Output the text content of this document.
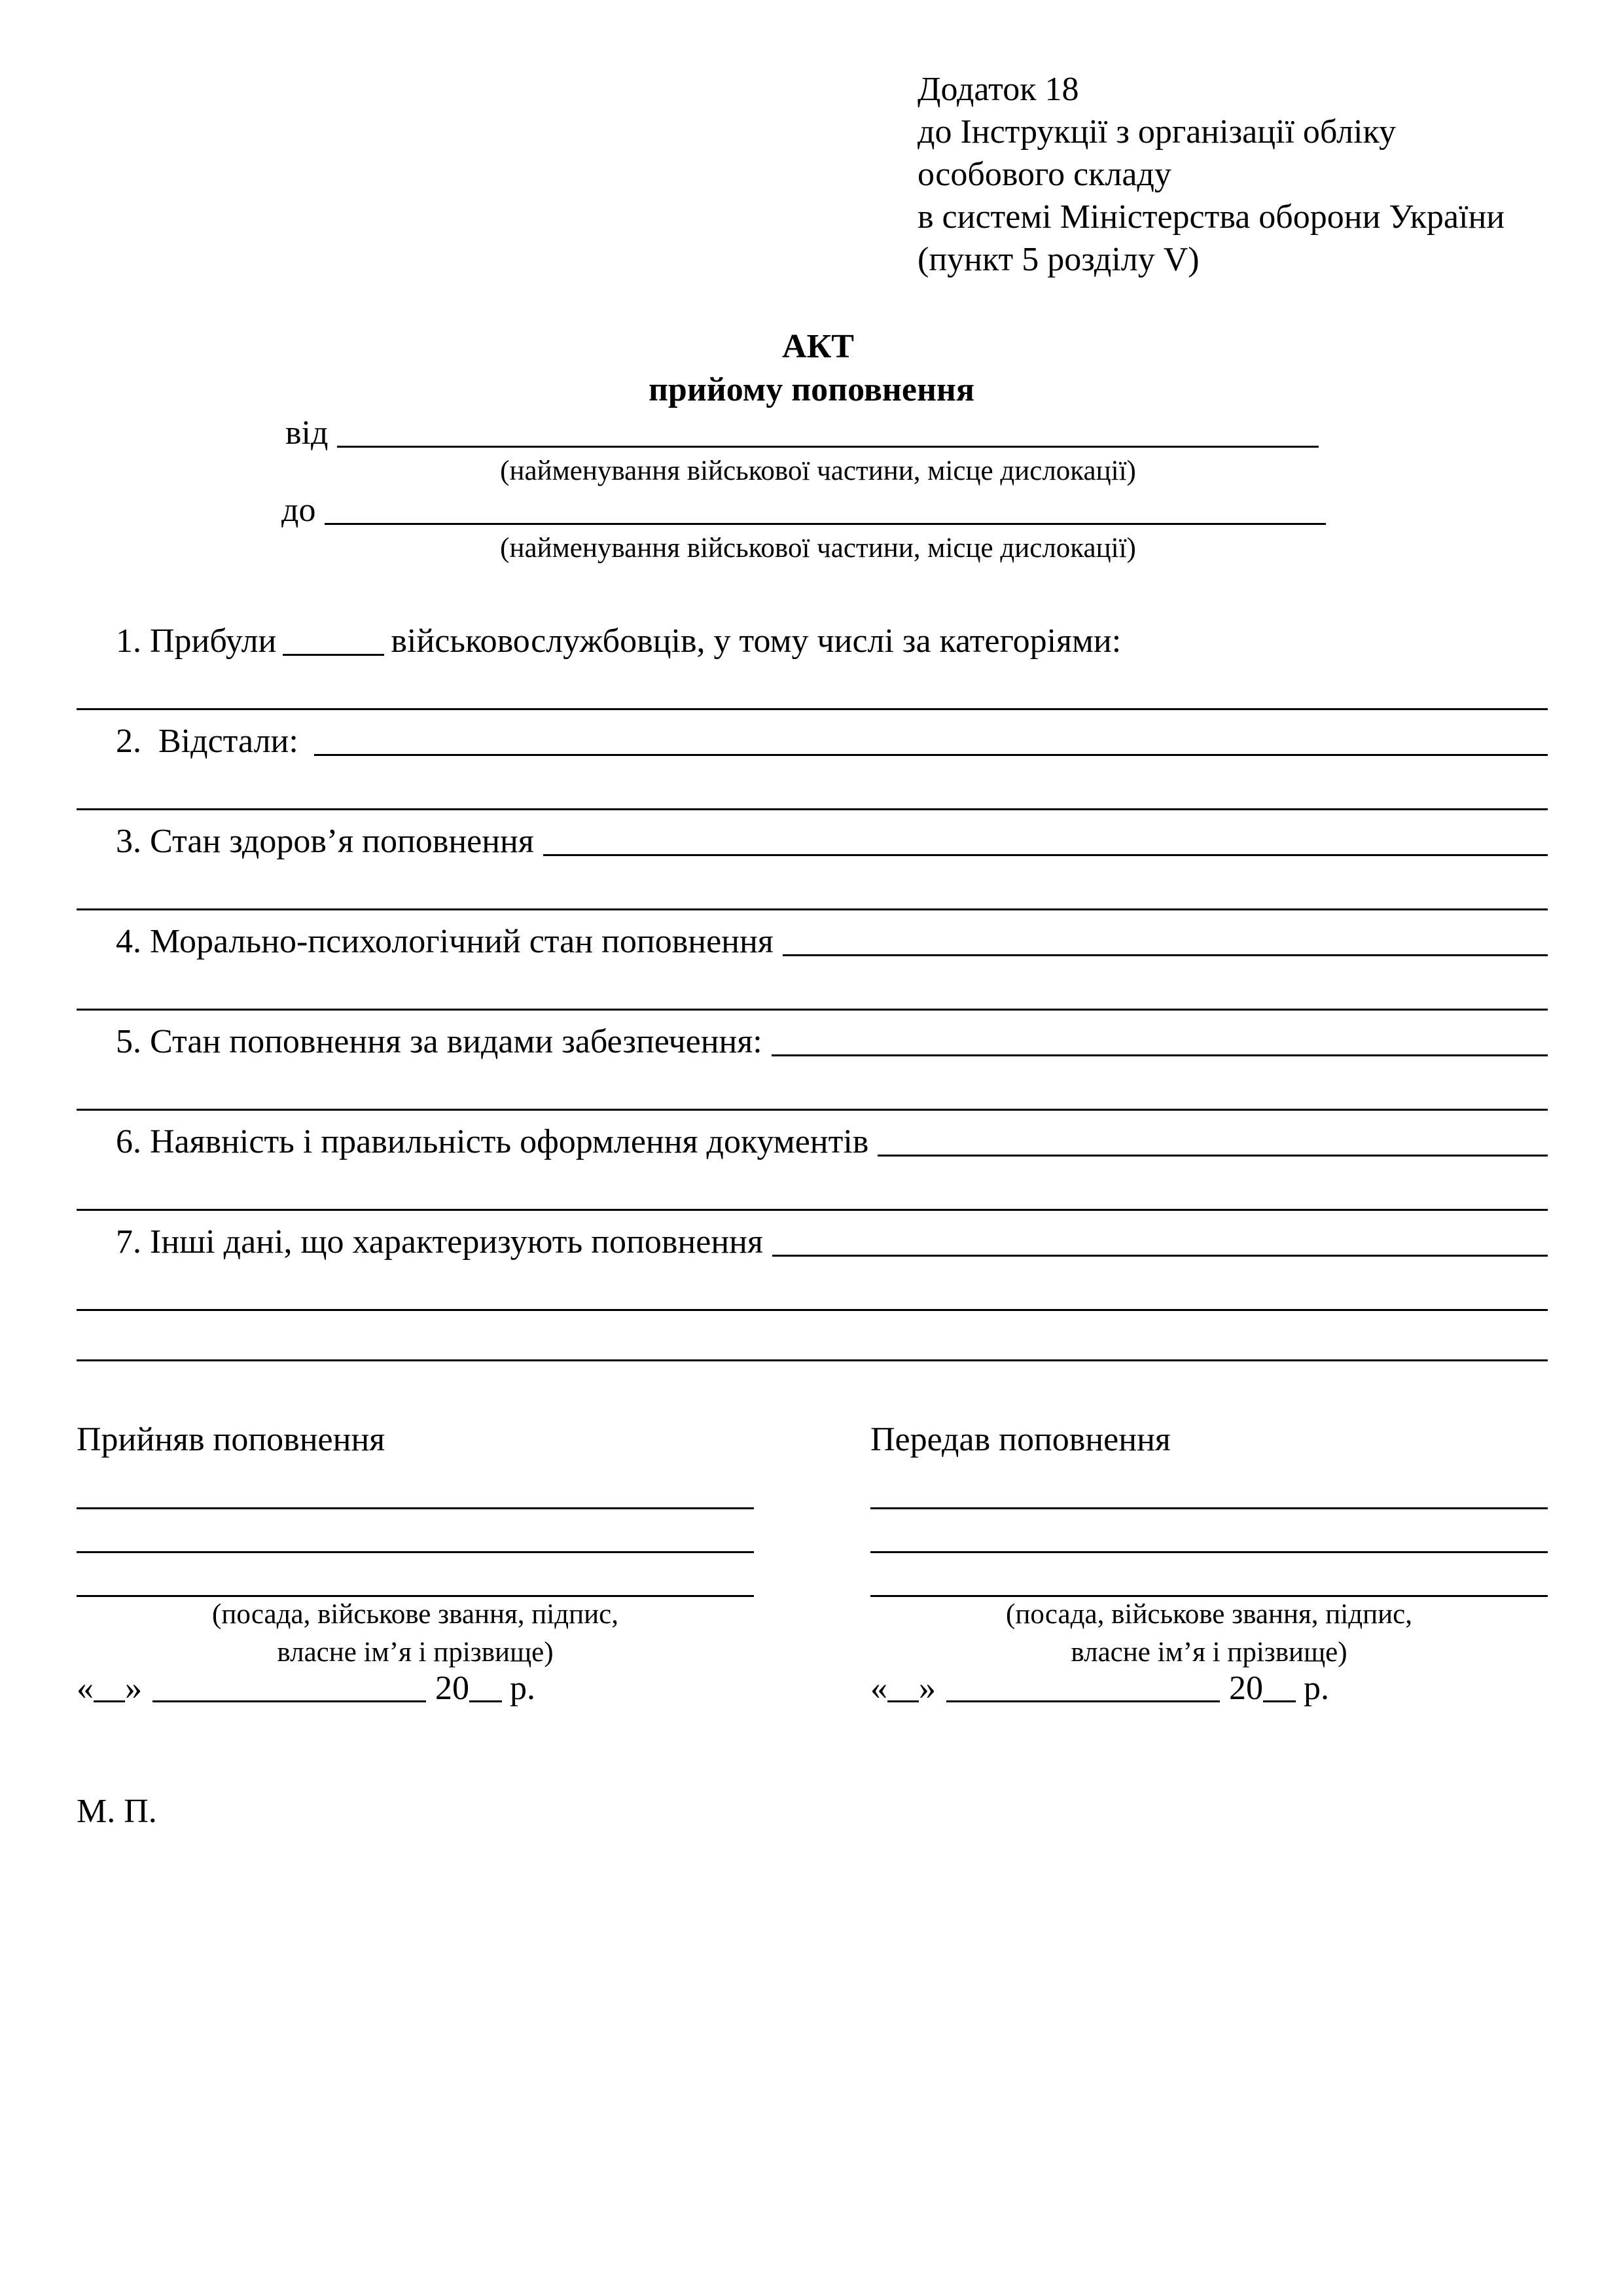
Додаток 18
до Інструкції з організації обліку
особового складу
в системі Міністерства оборони України
(пункт 5 розділу V)
АКТ
прийому поповнення
від
(найменування військової частини, місце дислокації)
до
(найменування військової частини, місце дислокації)
1. Прибули	військовослужбовців, у тому числі за категоріями:
2. Відстали:
3. Стан здоров’я поповнення
4. Морально-психологічний стан поповнення
5. Стан поповнення за видами забезпечення:
6. Наявність і правильність оформлення документів
7. Інші дані, що характеризують поповнення
Прийняв поповнення
(посада, військове звання, підпис,
власне ім’я і прізвище)
« »	20 р.
Передав поповнення
(посада, військове звання, підпис,
власне ім’я і прізвище)
« »	20 р.
М. П.
